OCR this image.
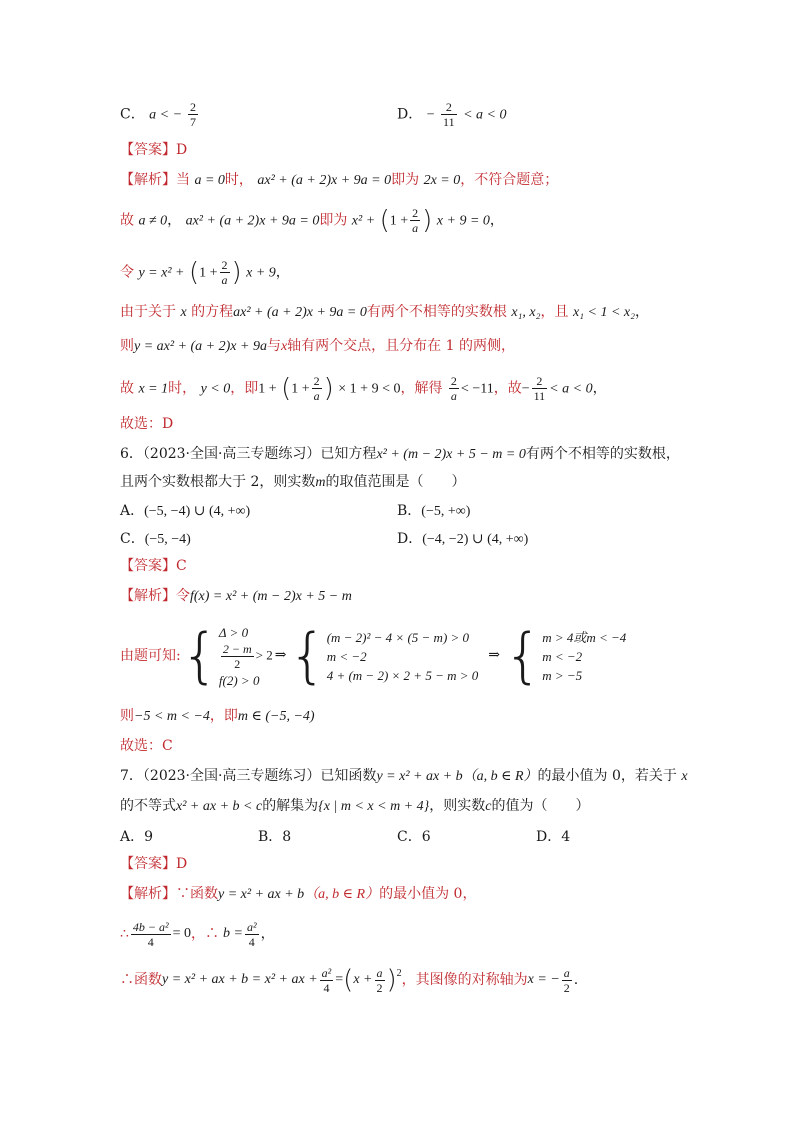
C． a < − $\frac{2}{7}$	D． − $\frac{2}{11} < a < 0$
【答案】D
【解析】当 a = 0时， ax² + (a + 2)x + 9a = 0即为 2x = 0，不符合题意；
故 a ≠ 0， ax² + (a + 2)x + 9a = 0即为 $x^2 + (1 + \frac{2}{a}$ ) x + 9 = 0，
令 $y = x^2 + (1 + \frac{2}{a}$ ) x + 9，
由于关于 x 的方程ax² + (a + 2)x + 9a = 0有两个不相等的实数根 x₁, x₂，且 x₁ < 1 < x₂，
则y = ax² + (a + 2)x + 9a与x轴有两个交点，且分布在 1 的两侧，
故 x = 1时， y < 0，即$1 + (1 + \frac{2}{a}$ ) × 1 + 9 < 0，解得 $\frac{2}{a} < -11$，故− $\frac{2}{11} < a < 0$，
故选：D
6．（2023·全国·高三专题练习）已知方程x² + (m − 2)x + 5 − m = 0有两个不相等的实数根，
且两个实数根都大于 2，则实数m的取值范围是（　　）
A．(−5, −4) ∪ (4, +∞)	B．(−5, +∞)
C．(−5, −4)	D．(−4, −2) ∪ (4, +∞)
【答案】C
【解析】令f(x) = x² + (m − 2)x + 5 − m
由题可知: { Δ > 0
$\frac{2 - m}{2} > 2$
f(2) > 0
⇒ { (m − 2)² − 4 × (5 − m) > 0
m < −2
4 + (m − 2) × 2 + 5 − m > 0
⇒ { m > 4或m < −4
m < −2
m > −5
则−5 < m < −4，即m ∈ (−5, −4)
故选：C
7．（2023·全国·高三专题练习）已知函数y = x² + ax + b（a, b ∈ R）的最小值为 0，若关于 x
的不等式x² + ax + b < c的解集为{x | m < x < m + 4}，则实数c的值为（　　）
A．9	B．8	C．6	D．4
【答案】D
【解析】∵函数y = x² + ax + b（a, b ∈ R）的最小值为 0，
∴ $\frac{\text{4b − a²}}{4} = 0$ ，∴ $b = \frac{\text{a²}}{4}$ ，
∴函数 y = x² + ax + b = x² + ax + $\frac{\text{a²}}{4}$ = ( $x + \frac{a}{2}$ ) 2 ，其图像的对称轴为 x = − $\frac{a}{2}$ .
